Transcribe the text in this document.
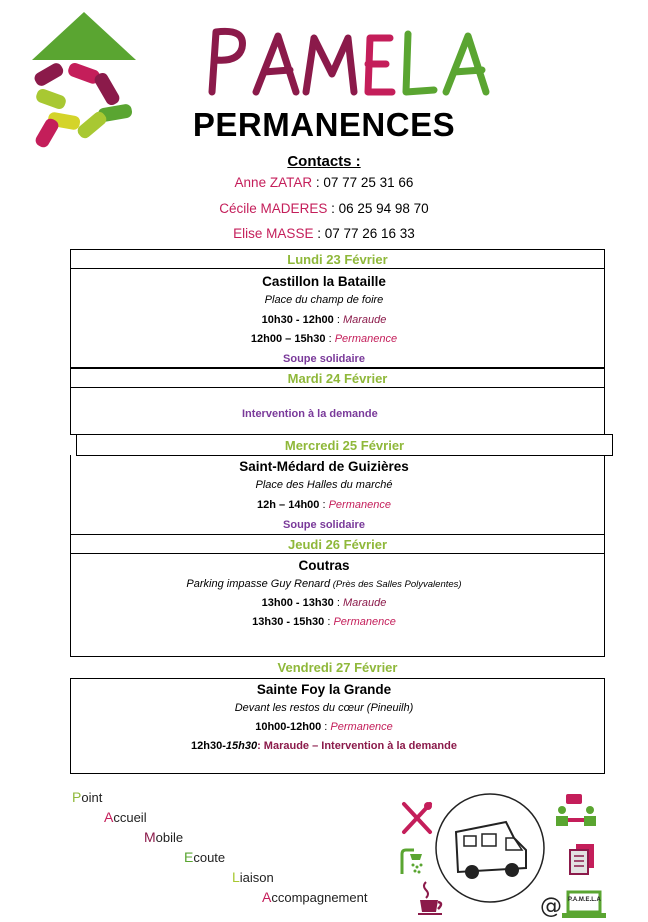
PERMANENCES
Contacts :
Anne ZATAR : 07 77 25 31 66
Cécile MADERES : 06 25 94 98 70
Elise MASSE : 07 77 26 16 33
Lundi 23 Février
Castillon la Bataille
Place du champ de foire
10h30 - 12h00 : Maraude
12h00 – 15h30 : Permanence
Soupe solidaire
Mardi 24 Février
Intervention à la demande
Mercredi 25 Février
Saint-Médard de Guizières
Place des Halles du marché
12h – 14h00 : Permanence
Soupe solidaire
Jeudi 26 Février
Coutras
Parking impasse Guy Renard (Près des Salles Polyvalentes)
13h00 - 13h30 : Maraude
13h30 - 15h30 : Permanence
Vendredi 27 Février
Sainte Foy la Grande
Devant les restos du cœur (Pineuilh)
10h00-12h00 : Permanence
12h30-15h30: Maraude – Intervention à la demande
Point
Accueil
Mobile
Ecoute
Liaison
Accompagnement	@ P.A.M.E.L.A
